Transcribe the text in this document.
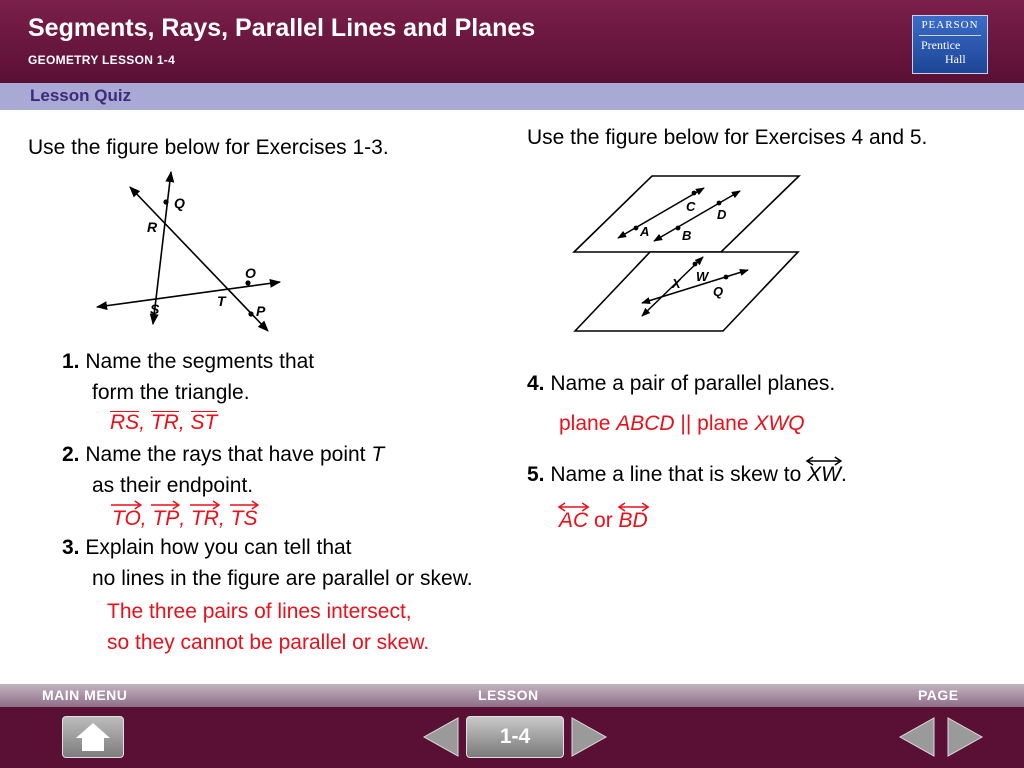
Segments, Rays, Parallel Lines and Planes
GEOMETRY LESSON 1-4
PEARSON
Prentice
Hall
Lesson Quiz
Use the figure below for Exercises 1-3.
Q
R
O
S	T
P
1. Name the segments that
form the triangle.
RS, TR, ST
2. Name the rays that have point T
as their endpoint.
TO
, TP
, TR
, TS
3. Explain how you can tell that
no lines in the figure are parallel or skew.
The three pairs of lines intersect,
so they cannot be parallel or skew.
Use the figure below for Exercises 4 and 5.
A	B
C
D
X W
Q
4. Name a pair of parallel planes.
plane ABCD || plane XWQ
5. Name a line that is skew to XW
.
AC
or BD
MAIN MENU	LESSON	PAGE
1-4
